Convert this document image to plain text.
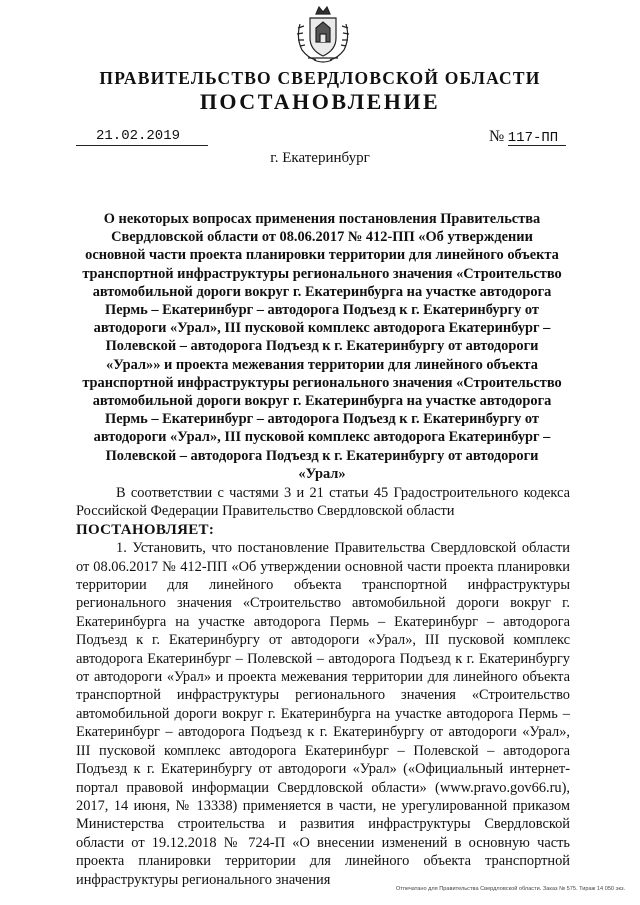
ПРАВИТЕЛЬСТВО СВЕРДЛОВСКОЙ ОБЛАСТИ
ПОСТАНОВЛЕНИЕ
21.02.2019	№ 117-ПП
г. Екатеринбург
О некоторых вопросах применения постановления Правительства Свердловской области от 08.06.2017 № 412-ПП «Об утверждении основной части проекта планировки территории для линейного объекта транспортной инфраструктуры регионального значения «Строительство автомобильной дороги вокруг г. Екатеринбурга на участке автодорога Пермь – Екатеринбург – автодорога Подъезд к г. Екатеринбургу от автодороги «Урал», III пусковой комплекс автодорога Екатеринбург – Полевской – автодорога Подъезд к г. Екатеринбургу от автодороги «Урал»» и проекта межевания территории для линейного объекта транспортной инфраструктуры регионального значения «Строительство автомобильной дороги вокруг г. Екатеринбурга на участке автодорога Пермь – Екатеринбург – автодорога Подъезд к г. Екатеринбургу от автодороги «Урал», III пусковой комплекс автодорога Екатеринбург – Полевской – автодорога Подъезд к г. Екатеринбургу от автодороги «Урал»

В соответствии с частями 3 и 21 статьи 45 Градостроительного кодекса Российской Федерации Правительство Свердловской области

ПОСТАНОВЛЯЕТ:

1. Установить, что постановление Правительства Свердловской области от 08.06.2017 № 412-ПП «Об утверждении основной части проекта планировки территории для линейного объекта транспортной инфраструктуры регионального значения «Строительство автомобильной дороги вокруг г. Екатеринбурга на участке автодорога Пермь – Екатеринбург – автодорога Подъезд к г. Екатеринбургу от автодороги «Урал», III пусковой комплекс автодорога Екатеринбург – Полевской – автодорога Подъезд к г. Екатеринбургу от автодороги «Урал» и проекта межевания территории для линейного объекта транспортной инфраструктуры регионального значения «Строительство автомобильной дороги вокруг г. Екатеринбурга на участке автодорога Пермь – Екатеринбург – автодорога Подъезд к г. Екатеринбургу от автодороги «Урал», III пусковой комплекс автодорога Екатеринбург – Полевской – автодорога Подъезд к г. Екатеринбургу от автодороги «Урал» («Официальный интернет-портал правовой информации Свердловской области» (www.pravo.gov66.ru), 2017, 14 июня, № 13338) применяется в части, не урегулированной приказом Министерства строительства и развития инфраструктуры Свердловской области от 19.12.2018 № 724-П «О внесении изменений в основную часть проекта планировки территории для линейного объекта транспортной инфраструктуры регионального значения

Отпечатано для Правительства Свердловской области. Заказ № 575. Тираж 14 050 экз.
